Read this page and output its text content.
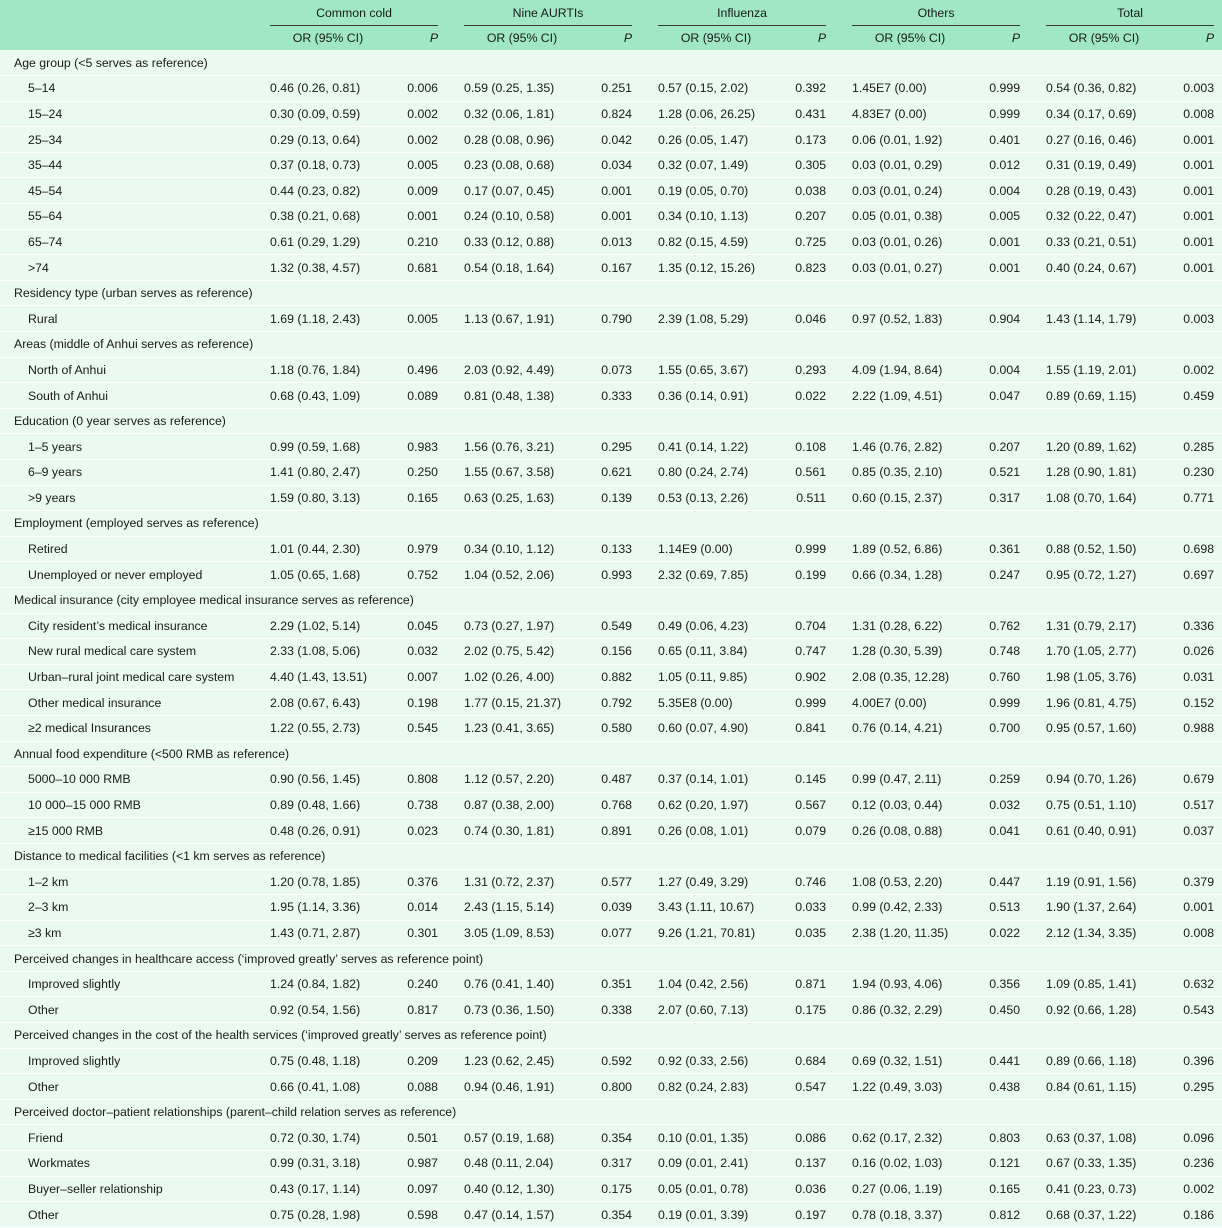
	Common cold			Nine AURTIs			Influenza			Others			Total	

	OR (95% CI)	P		OR (95% CI)	P		OR (95% CI)	P		OR (95% CI)	P		OR (95% CI)	P
Age group (<5 serves as reference)														
5–14	0.46 (0.26, 0.81)	0.006		0.59 (0.25, 1.35)	0.251		0.57 (0.15, 2.02)	0.392		1.45E7 (0.00)	0.999		0.54 (0.36, 0.82)	0.003
15–24	0.30 (0.09, 0.59)	0.002		0.32 (0.06, 1.81)	0.824		1.28 (0.06, 26.25)	0.431		4.83E7 (0.00)	0.999		0.34 (0.17, 0.69)	0.008
25–34	0.29 (0.13, 0.64)	0.002		0.28 (0.08, 0.96)	0.042		0.26 (0.05, 1.47)	0.173		0.06 (0.01, 1.92)	0.401		0.27 (0.16, 0.46)	0.001
35–44	0.37 (0.18, 0.73)	0.005		0.23 (0.08, 0.68)	0.034		0.32 (0.07, 1.49)	0.305		0.03 (0.01, 0.29)	0.012		0.31 (0.19, 0.49)	0.001
45–54	0.44 (0.23, 0.82)	0.009		0.17 (0.07, 0.45)	0.001		0.19 (0.05, 0.70)	0.038		0.03 (0.01, 0.24)	0.004		0.28 (0.19, 0.43)	0.001
55–64	0.38 (0.21, 0.68)	0.001		0.24 (0.10, 0.58)	0.001		0.34 (0.10, 1.13)	0.207		0.05 (0.01, 0.38)	0.005		0.32 (0.22, 0.47)	0.001
65–74	0.61 (0.29, 1.29)	0.210		0.33 (0.12, 0.88)	0.013		0.82 (0.15, 4.59)	0.725		0.03 (0.01, 0.26)	0.001		0.33 (0.21, 0.51)	0.001
>74	1.32 (0.38, 4.57)	0.681		0.54 (0.18, 1.64)	0.167		1.35 (0.12, 15.26)	0.823		0.03 (0.01, 0.27)	0.001		0.40 (0.24, 0.67)	0.001
Residency type (urban serves as reference)														
Rural	1.69 (1.18, 2.43)	0.005		1.13 (0.67, 1.91)	0.790		2.39 (1.08, 5.29)	0.046		0.97 (0.52, 1.83)	0.904		1.43 (1.14, 1.79)	0.003
Areas (middle of Anhui serves as reference)														
North of Anhui	1.18 (0.76, 1.84)	0.496		2.03 (0.92, 4.49)	0.073		1.55 (0.65, 3.67)	0.293		4.09 (1.94, 8.64)	0.004		1.55 (1.19, 2.01)	0.002
South of Anhui	0.68 (0.43, 1.09)	0.089		0.81 (0.48, 1.38)	0.333		0.36 (0.14, 0.91)	0.022		2.22 (1.09, 4.51)	0.047		0.89 (0.69, 1.15)	0.459
Education (0 year serves as reference)														
1–5 years	0.99 (0.59, 1.68)	0.983		1.56 (0.76, 3.21)	0.295		0.41 (0.14, 1.22)	0.108		1.46 (0.76, 2.82)	0.207		1.20 (0.89, 1.62)	0.285
6–9 years	1.41 (0.80, 2.47)	0.250		1.55 (0.67, 3.58)	0.621		0.80 (0.24, 2.74)	0.561		0.85 (0.35, 2.10)	0.521		1.28 (0.90, 1.81)	0.230
>9 years	1.59 (0.80, 3.13)	0.165		0.63 (0.25, 1.63)	0.139		0.53 (0.13, 2.26)	0.511		0.60 (0.15, 2.37)	0.317		1.08 (0.70, 1.64)	0.771
Employment (employed serves as reference)														
Retired	1.01 (0.44, 2.30)	0.979		0.34 (0.10, 1.12)	0.133		1.14E9 (0.00)	0.999		1.89 (0.52, 6.86)	0.361		0.88 (0.52, 1.50)	0.698
Unemployed or never employed	1.05 (0.65, 1.68)	0.752		1.04 (0.52, 2.06)	0.993		2.32 (0.69, 7.85)	0.199		0.66 (0.34, 1.28)	0.247		0.95 (0.72, 1.27)	0.697
Medical insurance (city employee medical insurance serves as reference)														
City resident’s medical insurance	2.29 (1.02, 5.14)	0.045		0.73 (0.27, 1.97)	0.549		0.49 (0.06, 4.23)	0.704		1.31 (0.28, 6.22)	0.762		1.31 (0.79, 2.17)	0.336
New rural medical care system	2.33 (1.08, 5.06)	0.032		2.02 (0.75, 5.42)	0.156		0.65 (0.11, 3.84)	0.747		1.28 (0.30, 5.39)	0.748		1.70 (1.05, 2.77)	0.026
Urban–rural joint medical care system	4.40 (1.43, 13.51)	0.007		1.02 (0.26, 4.00)	0.882		1.05 (0.11, 9.85)	0.902		2.08 (0.35, 12.28)	0.760		1.98 (1.05, 3.76)	0.031
Other medical insurance	2.08 (0.67, 6.43)	0.198		1.77 (0.15, 21.37)	0.792		5.35E8 (0.00)	0.999		4.00E7 (0.00)	0.999		1.96 (0.81, 4.75)	0.152
≥2 medical Insurances	1.22 (0.55, 2.73)	0.545		1.23 (0.41, 3.65)	0.580		0.60 (0.07, 4.90)	0.841		0.76 (0.14, 4.21)	0.700		0.95 (0.57, 1.60)	0.988
Annual food expenditure (<500 RMB as reference)														
5000–10 000 RMB	0.90 (0.56, 1.45)	0.808		1.12 (0.57, 2.20)	0.487		0.37 (0.14, 1.01)	0.145		0.99 (0.47, 2.11)	0.259		0.94 (0.70, 1.26)	0.679
10 000–15 000 RMB	0.89 (0.48, 1.66)	0.738		0.87 (0.38, 2.00)	0.768		0.62 (0.20, 1.97)	0.567		0.12 (0.03, 0.44)	0.032		0.75 (0.51, 1.10)	0.517
≥15 000 RMB	0.48 (0.26, 0.91)	0.023		0.74 (0.30, 1.81)	0.891		0.26 (0.08, 1.01)	0.079		0.26 (0.08, 0.88)	0.041		0.61 (0.40, 0.91)	0.037
Distance to medical facilities (<1 km serves as reference)														
1–2 km	1.20 (0.78, 1.85)	0.376		1.31 (0.72, 2.37)	0.577		1.27 (0.49, 3.29)	0.746		1.08 (0.53, 2.20)	0.447		1.19 (0.91, 1.56)	0.379
2–3 km	1.95 (1.14, 3.36)	0.014		2.43 (1.15, 5.14)	0.039		3.43 (1.11, 10.67)	0.033		0.99 (0.42, 2.33)	0.513		1.90 (1.37, 2.64)	0.001
≥3 km	1.43 (0.71, 2.87)	0.301		3.05 (1.09, 8.53)	0.077		9.26 (1.21, 70.81)	0.035		2.38 (1.20, 11.35)	0.022		2.12 (1.34, 3.35)	0.008
Perceived changes in healthcare access (‘improved greatly’ serves as reference point)														
Improved slightly	1.24 (0.84, 1.82)	0.240		0.76 (0.41, 1.40)	0.351		1.04 (0.42, 2.56)	0.871		1.94 (0.93, 4.06)	0.356		1.09 (0.85, 1.41)	0.632
Other	0.92 (0.54, 1.56)	0.817		0.73 (0.36, 1.50)	0.338		2.07 (0.60, 7.13)	0.175		0.86 (0.32, 2.29)	0.450		0.92 (0.66, 1.28)	0.543
Perceived changes in the cost of the health services (‘improved greatly’ serves as reference point)														
Improved slightly	0.75 (0.48, 1.18)	0.209		1.23 (0.62, 2.45)	0.592		0.92 (0.33, 2.56)	0.684		0.69 (0.32, 1.51)	0.441		0.89 (0.66, 1.18)	0.396
Other	0.66 (0.41, 1.08)	0.088		0.94 (0.46, 1.91)	0.800		0.82 (0.24, 2.83)	0.547		1.22 (0.49, 3.03)	0.438		0.84 (0.61, 1.15)	0.295
Perceived doctor–patient relationships (parent–child relation serves as reference)														
Friend	0.72 (0.30, 1.74)	0.501		0.57 (0.19, 1.68)	0.354		0.10 (0.01, 1.35)	0.086		0.62 (0.17, 2.32)	0.803		0.63 (0.37, 1.08)	0.096
Workmates	0.99 (0.31, 3.18)	0.987		0.48 (0.11, 2.04)	0.317		0.09 (0.01, 2.41)	0.137		0.16 (0.02, 1.03)	0.121		0.67 (0.33, 1.35)	0.236
Buyer–seller relationship	0.43 (0.17, 1.14)	0.097		0.40 (0.12, 1.30)	0.175		0.05 (0.01, 0.78)	0.036		0.27 (0.06, 1.19)	0.165		0.41 (0.23, 0.73)	0.002
Other	0.75 (0.28, 1.98)	0.598		0.47 (0.14, 1.57)	0.354		0.19 (0.01, 3.39)	0.197		0.78 (0.18, 3.37)	0.812		0.68 (0.37, 1.22)	0.186
